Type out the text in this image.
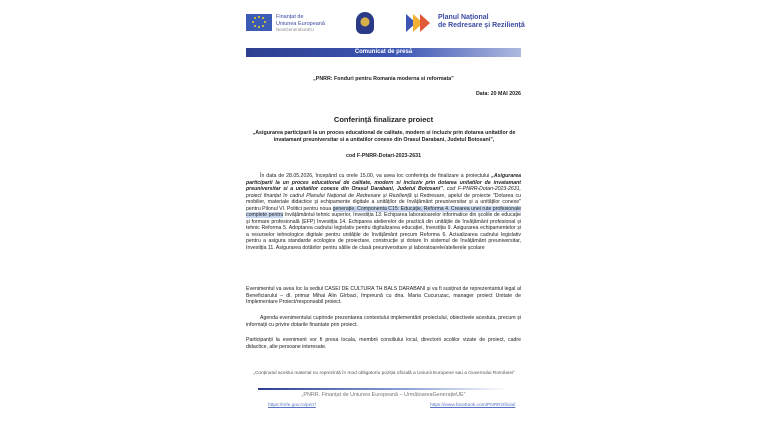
Finanțat de
Uniunea Europeană
NextGenerationEU
Planul Național
de Redresare și Reziliență
Comunicat de presă
„PNRR: Fonduri pentru Romania moderna si reformata”
Data: 20 MAI 2026
Conferință finalizare proiect
„Asigurarea participarii la un proces educational de calitate, modern si incluziv prin dotarea unitatilor de invatamant preuniversitar si a unitatilor conexe din Orasul Darabani, Judetul Botosani”,
cod F-PNRR-Dotari-2023-2631
În data de 28.05.2026, începând cu orele 15.00, va avea loc conferinţa de finalizare a proiectului „Asigurarea participarii la un proces educational de calitate, modern si incluziv prin dotarea unitatilor de invatamant preuniversitar si a unitatilor conexe din Orasul Darabani, Judetul Botosani”, cod F-PNRR-Dotari-2023-2631, proiect finanțat în cadrul Planului Național de Redresare și Reziliență și Redresare, apelul de proiecte "Dotarea cu mobilier, materiale didactice și echipamente digitale a unităților de învățământ preuniversitar și a unităților conexe" pentru Pilonul VI. Politici pentru noua generație, Componenta C15: Educație, Reforma 4. Crearea unei rute profesionale complete pentru învățământul tehnic superior, Investiția 13. Echiparea laboratoarelor informatice din școlile de educație și formare profesională (EFP) Investiția 14. Echiparea atelierelor de practică din unitățile de învățământ profesional și tehnic Reforma 5. Adoptarea cadrului legislativ pentru digitalizarea educației, Investiția 9. Asigurarea echipamentelor și a resurselor tehnologice digitale pentru unitățile de învățământ precum Reforma 6. Actualizarea cadrului legislativ pentru a asigura standarde ecologice de proiectare, construcție și dotare în sistemul de învățământ preuniversitar, Investiția 11. Asigurarea dotărilor pentru sălile de clasă preuniversitare și laboratoarele/atelierele școlare
Evenimentul va avea loc la sediul CASEI DE CULTURA TH BALS DARABANI și va fi susținut de reprezentantul legal al Beneficiarului – dl. primar Mihai Alin Gîrbaci, împreună cu dna. Maria Cucuruzac, manager proiect Unitate de Implementare Proiect/responsabil proiect.
Agenda evenimentului cuprinde prezentarea contextului implementării proiectului, obiectivele acestuia, precum și informații cu privire dotarile finantate prin proiect.
Participanții la eveniment vor fi presa locala, membrii consiliului local, directorii scolilor vizate de proiect, cadre didactice, alte persoane interesate.
„Conținutul acestui material nu reprezintă în mod obligatoriu poziția oficială a Uniunii Europene sau a Guvernului României”
„PNRR. Finanțat de Uniunea Europeană – UrmătoareaGenerațieUE”
https://mfe.gov.ro/pnrr/	https://www.facebook.com/PNRROficial/
